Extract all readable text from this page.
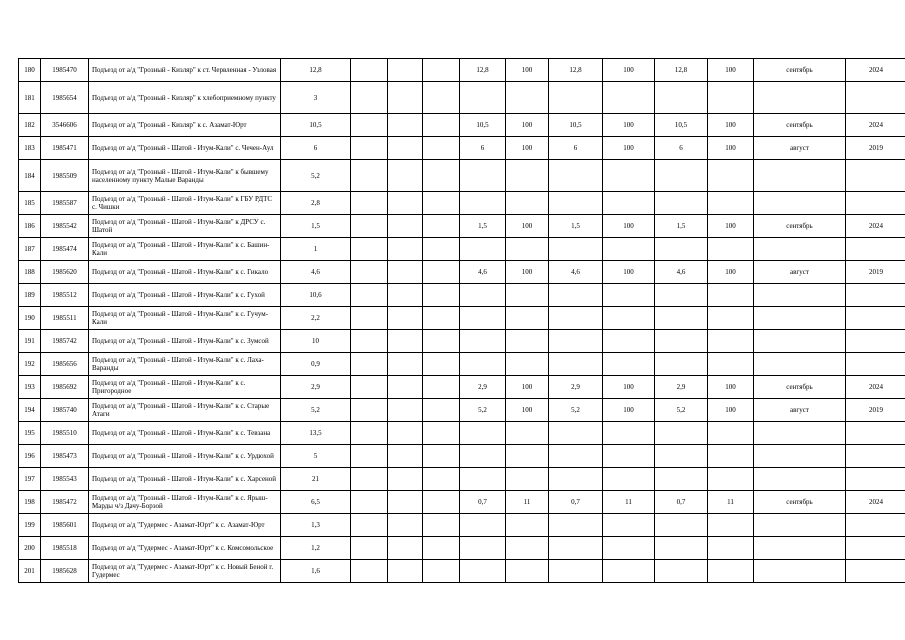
180	1985470	Подъезд от а/д "Грозный - Кизляр" к ст. Червленная - Узловая	12,8				12,8	100	12,8	100	12,8	100	сентябрь	2024
181	1985654	Подъезд от а/д "Грозный - Кизляр" к хлебоприемному пункту	3											
182	3546606	Подъезд от а/д "Грозный - Кизляр" к с. Азамат-Юрт	10,5				10,5	100	10,5	100	10,5	100	сентябрь	2024
183	1985471	Подъезд от а/д "Грозный - Шатой - Итум-Кали" с. Чечен-Аул	6				6	100	6	100	6	100	август	2019
184	1985509	Подъезд от а/д "Грозный - Шатой - Итум-Кали" к бывшему населенному пункту Малые Варанды	5,2											
185	1985587	Подъезд от а/д "Грозный - Шатой - Итум-Кали" к ГБУ РДТС с. Чишки	2,8											
186	1985542	Подъезд от а/д "Грозный - Шатой - Итум-Кали" к ДРСУ с. Шатой	1,5				1,5	100	1,5	100	1,5	100	сентябрь	2024
187	1985474	Подъезд от а/д "Грозный - Шатой - Итум-Кали" к с. Башин-Кали	1											
188	1985620	Подъезд от а/д "Грозный - Шатой - Итум-Кали" к с. Гикало	4,6				4,6	100	4,6	100	4,6	100	август	2019
189	1985512	Подъезд от а/д "Грозный - Шатой - Итум-Кали" к с. Гухой	10,6											
190	1985511	Подъезд от а/д "Грозный - Шатой - Итум-Кали" к с. Гучум-Кали	2,2											
191	1985742	Подъезд от а/д "Грозный - Шатой - Итум-Кали" к с. Зумсой	10											
192	1985656	Подъезд от а/д "Грозный - Шатой - Итум-Кали" к с. Лаха-Варанды	0,9											
193	1985692	Подъезд от а/д "Грозный - Шатой - Итум-Кали" к с. Пригородное	2,9				2,9	100	2,9	100	2,9	100	сентябрь	2024
194	1985740	Подъезд от а/д "Грозный - Шатой - Итум-Кали" к с. Старые Атаги	5,2				5,2	100	5,2	100	5,2	100	август	2019
195	1985510	Подъезд от а/д "Грозный - Шатой - Итум-Кали" к с. Тевзана	13,5											
196	1985473	Подъезд от а/д "Грозный - Шатой - Итум-Кали" к с. Урдюхой	5											
197	1985543	Подъезд от а/д "Грозный - Шатой - Итум-Кали" к с. Харсеной	21											
198	1985472	Подъезд от а/д "Грозный - Шатой - Итум-Кали" к с. Ярыш-Марды ч/з Дачу-Борзой	6,5				0,7	11	0,7	11	0,7	11	сентябрь	2024
199	1985601	Подъезд от а/д "Гудермес - Азамат-Юрт" к с. Азамат-Юрт	1,3											
200	1985518	Подъезд от а/д "Гудермес - Азамат-Юрт" к с. Комсомольское	1,2											
201	1985628	Подъезд от а/д "Гудермес - Азамат-Юрт" к с. Новый Беной г. Гудермес	1,6											
